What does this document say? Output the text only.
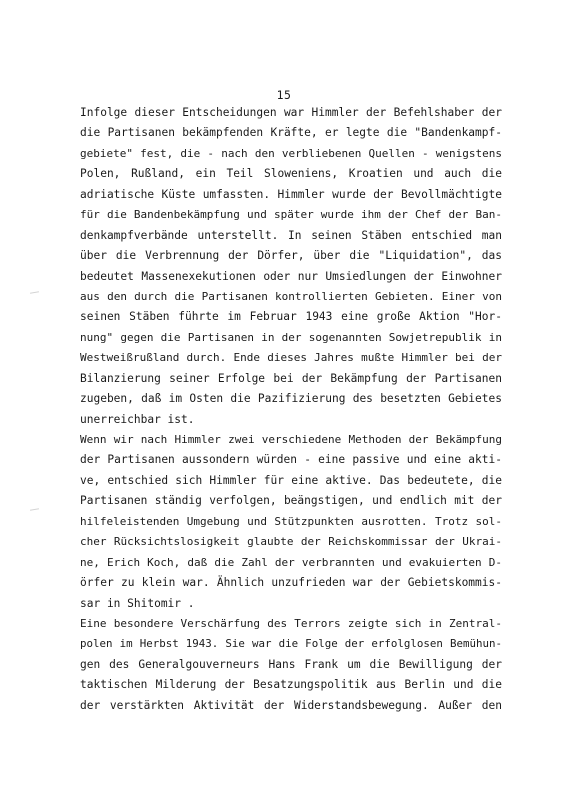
15
Infolge dieser Entscheidungen war Himmler der Befehlshaber der
die Partisanen bekämpfenden Kräfte, er legte die "Bandenkampf-
gebiete" fest, die - nach den verbliebenen Quellen - wenigstens
Polen, Rußland, ein Teil Sloweniens, Kroatien und auch die
adriatische Küste umfassten. Himmler wurde der Bevollmächtigte
für die Bandenbekämpfung und später wurde ihm der Chef der Ban-
denkampfverbände unterstellt. In seinen Stäben entschied man
über die Verbrennung der Dörfer, über die "Liquidation", das
bedeutet Massenexekutionen oder nur Umsiedlungen der Einwohner
aus den durch die Partisanen kontrollierten Gebieten. Einer von
seinen Stäben führte im Februar 1943 eine große Aktion "Hor-
nung" gegen die Partisanen in der sogenannten Sowjetrepublik in
Westweißrußland durch. Ende dieses Jahres mußte Himmler bei der
Bilanzierung seiner Erfolge bei der Bekämpfung der Partisanen
zugeben, daß im Osten die Pazifizierung des besetzten Gebietes
unerreichbar ist.
Wenn wir nach Himmler zwei verschiedene Methoden der Bekämpfung
der Partisanen aussondern würden - eine passive und eine akti-
ve, entschied sich Himmler für eine aktive. Das bedeutete, die
Partisanen ständig verfolgen, beängstigen, und endlich mit der
hilfeleistenden Umgebung und Stützpunkten ausrotten. Trotz sol-
cher Rücksichtslosigkeit glaubte der Reichskommissar der Ukrai-
ne, Erich Koch, daß die Zahl der verbrannten und evakuierten D-
örfer zu klein war. Ähnlich unzufrieden war der Gebietskommis-
sar in Shitomir .
Eine besondere Verschärfung des Terrors zeigte sich in Zentral-
polen im Herbst 1943. Sie war die Folge der erfolglosen Bemühun-
gen des Generalgouverneurs Hans Frank um die Bewilligung der
taktischen Milderung der Besatzungspolitik aus Berlin und die
der verstärkten Aktivität der Widerstandsbewegung. Außer den
